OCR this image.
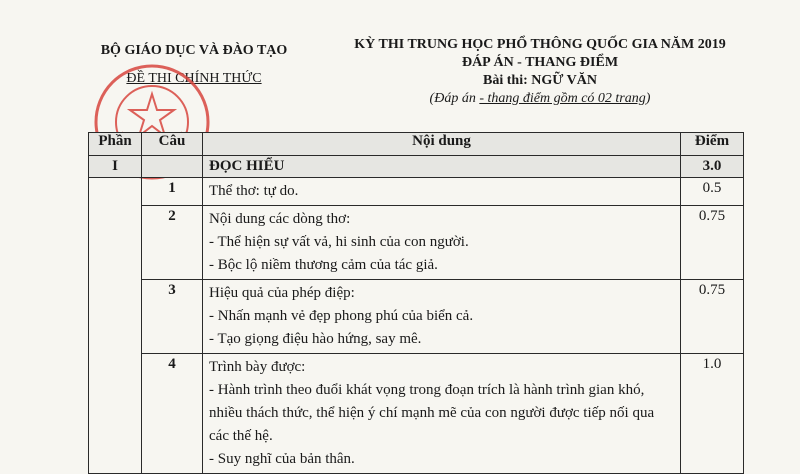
BỘ GIÁO DỤC VÀ ĐÀO TẠO
ĐỀ THI CHÍNH THỨC
KỲ THI TRUNG HỌC PHỔ THÔNG QUỐC GIA NĂM 2019
ĐÁP ÁN - THANG ĐIỂM
Bài thi: NGỮ VĂN
(Đáp án - thang điểm gồm có 02 trang)
Phần	Câu	Nội dung	Điểm
I		ĐỌC HIỂU	3.0
	1	Thể thơ: tự do.	0.5
	2	Nội dung các dòng thơ:
- Thể hiện sự vất vả, hi sinh của con người.
- Bộc lộ niềm thương cảm của tác giả.	0.75
	3	Hiệu quả của phép điệp:
- Nhấn mạnh vẻ đẹp phong phú của biển cả.
- Tạo giọng điệu hào hứng, say mê.	0.75
	4	Trình bày được:
- Hành trình theo đuổi khát vọng trong đoạn trích là hành trình gian khó,
nhiều thách thức, thể hiện ý chí mạnh mẽ của con người được tiếp nối qua
các thế hệ.
- Suy nghĩ của bản thân.	1.0
